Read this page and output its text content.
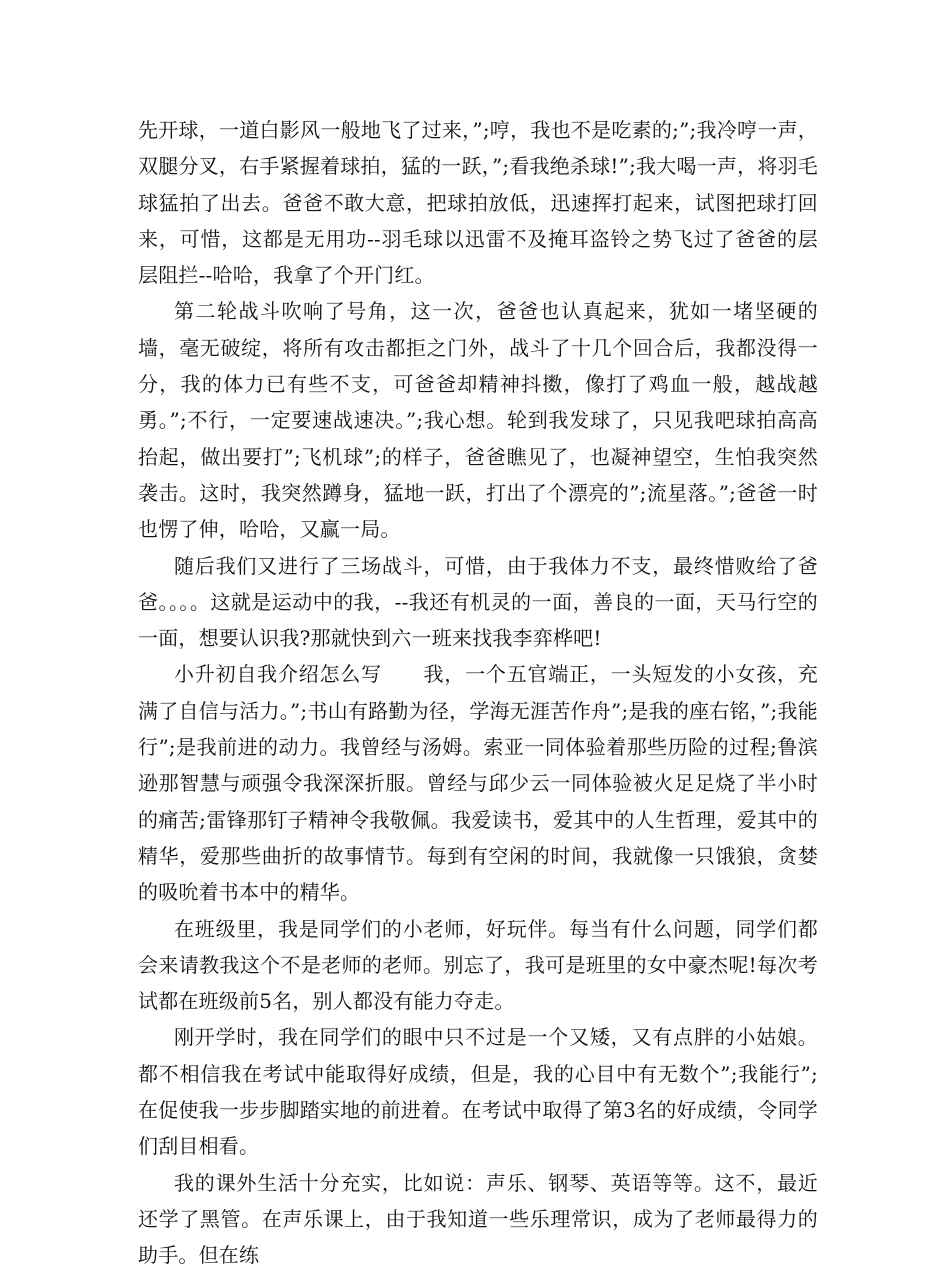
先开球，一道白影风一般地飞了过来，”;哼，我也不是吃素的;”;我冷哼一声，双腿分叉，右手紧握着球拍，猛的一跃，”;看我绝杀球!”;我大喝一声，将羽毛球猛拍了出去。爸爸不敢大意，把球拍放低，迅速挥打起来，试图把球打回来，可惜，这都是无用功--羽毛球以迅雷不及掩耳盗铃之势飞过了爸爸的层层阻拦--哈哈，我拿了个开门红。

第二轮战斗吹响了号角，这一次，爸爸也认真起来，犹如一堵坚硬的墙，毫无破绽，将所有攻击都拒之门外，战斗了十几个回合后，我都没得一分，我的体力已有些不支，可爸爸却精神抖擞，像打了鸡血一般，越战越勇。”;不行，一定要速战速决。”;我心想。轮到我发球了，只见我吧球拍高高抬起，做出要打”;飞机球”;的样子，爸爸瞧见了，也凝神望空，生怕我突然袭击。这时，我突然蹲身，猛地一跃，打出了个漂亮的”;流星落。”;爸爸一时也愣了伸，哈哈，又赢一局。

随后我们又进行了三场战斗，可惜，由于我体力不支，最终惜败给了爸爸。。。。这就是运动中的我，--我还有机灵的一面，善良的一面，天马行空的一面，想要认识我?那就快到六一班来找我李弈桦吧!

小升初自我介绍怎么写　　我，一个五官端正，一头短发的小女孩，充满了自信与活力。”;书山有路勤为径，学海无涯苦作舟”;是我的座右铭，”;我能行”;是我前进的动力。我曾经与汤姆。索亚一同体验着那些历险的过程;鲁滨逊那智慧与顽强令我深深折服。曾经与邱少云一同体验被火足足烧了半小时的痛苦;雷锋那钉子精神令我敬佩。我爱读书，爱其中的人生哲理，爱其中的精华，爱那些曲折的故事情节。每到有空闲的时间，我就像一只饿狼，贪婪的吸吮着书本中的精华。

在班级里，我是同学们的小老师，好玩伴。每当有什么问题，同学们都会来请教我这个不是老师的老师。别忘了，我可是班里的女中豪杰呢!每次考试都在班级前5名，别人都没有能力夺走。

刚开学时，我在同学们的眼中只不过是一个又矮，又有点胖的小姑娘。都不相信我在考试中能取得好成绩，但是，我的心目中有无数个”;我能行”;在促使我一步步脚踏实地的前进着。在考试中取得了第3名的好成绩，令同学们刮目相看。

我的课外生活十分充实，比如说：声乐、钢琴、英语等等。这不，最近还学了黑管。在声乐课上，由于我知道一些乐理常识，成为了老师最得力的助手。但在练
